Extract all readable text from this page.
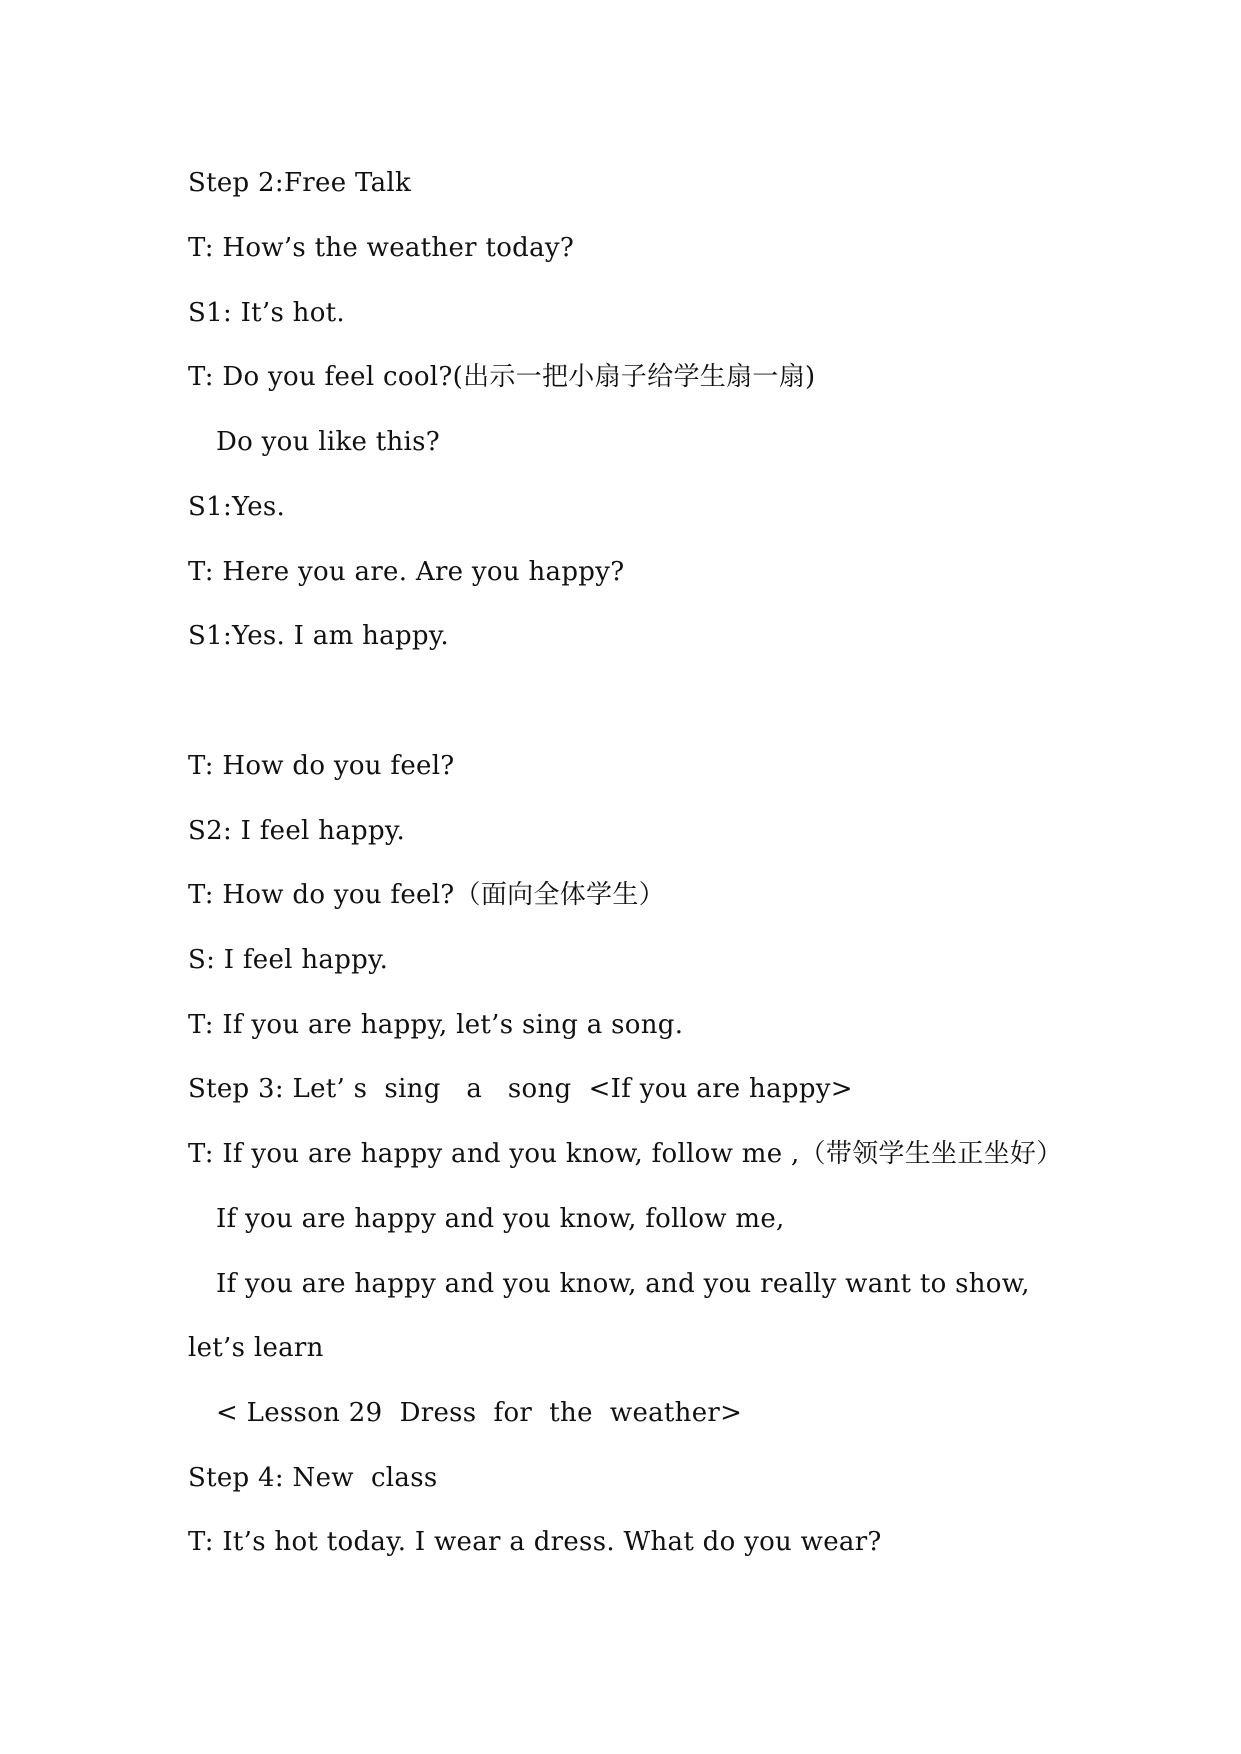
Step 2:Free Talk
T: How’s the weather today?
S1: It’s hot.
T: Do you feel cool?(出示一把小扇子给学生扇一扇)
Do you like this?
S1:Yes.
T: Here you are. Are you happy?
S1:Yes. I am happy.
T: How do you feel?
S2: I feel happy.
T: How do you feel?（面向全体学生）
S: I feel happy.
T: If you are happy, let’s sing a song.
Step 3: Let’ s  sing   a   song  <If you are happy>
T: If you are happy and you know, follow me ,（带领学生坐正坐好）
If you are happy and you know, follow me,
If you are happy and you know, and you really want to show,
let’s learn
< Lesson 29  Dress  for  the  weather>
Step 4: New  class
T: It’s hot today. I wear a dress. What do you wear?
